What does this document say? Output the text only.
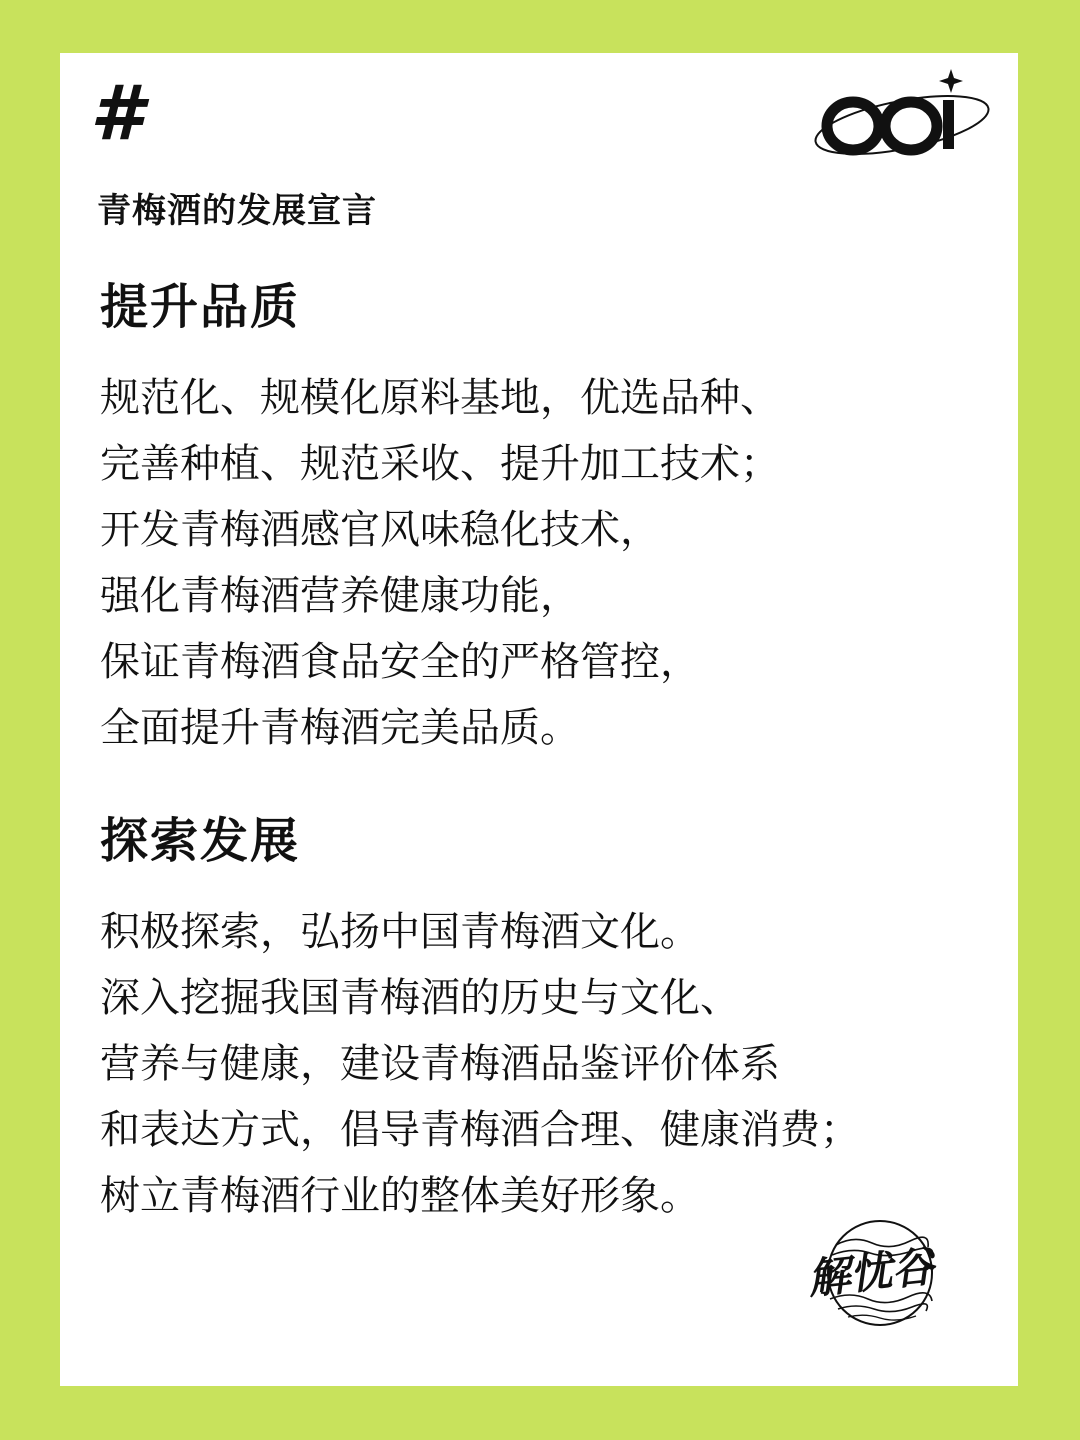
#
青梅酒的发展宣言
提升品质
规范化、规模化原料基地，优选品种、
完善种植、规范采收、提升加工技术；
开发青梅酒感官风味稳化技术，
强化青梅酒营养健康功能，
保证青梅酒食品安全的严格管控，
全面提升青梅酒完美品质。
探索发展
积极探索，弘扬中国青梅酒文化。
深入挖掘我国青梅酒的历史与文化、
营养与健康，建设青梅酒品鉴评价体系
和表达方式，倡导青梅酒合理、健康消费；
树立青梅酒行业的整体美好形象。
解忧谷
